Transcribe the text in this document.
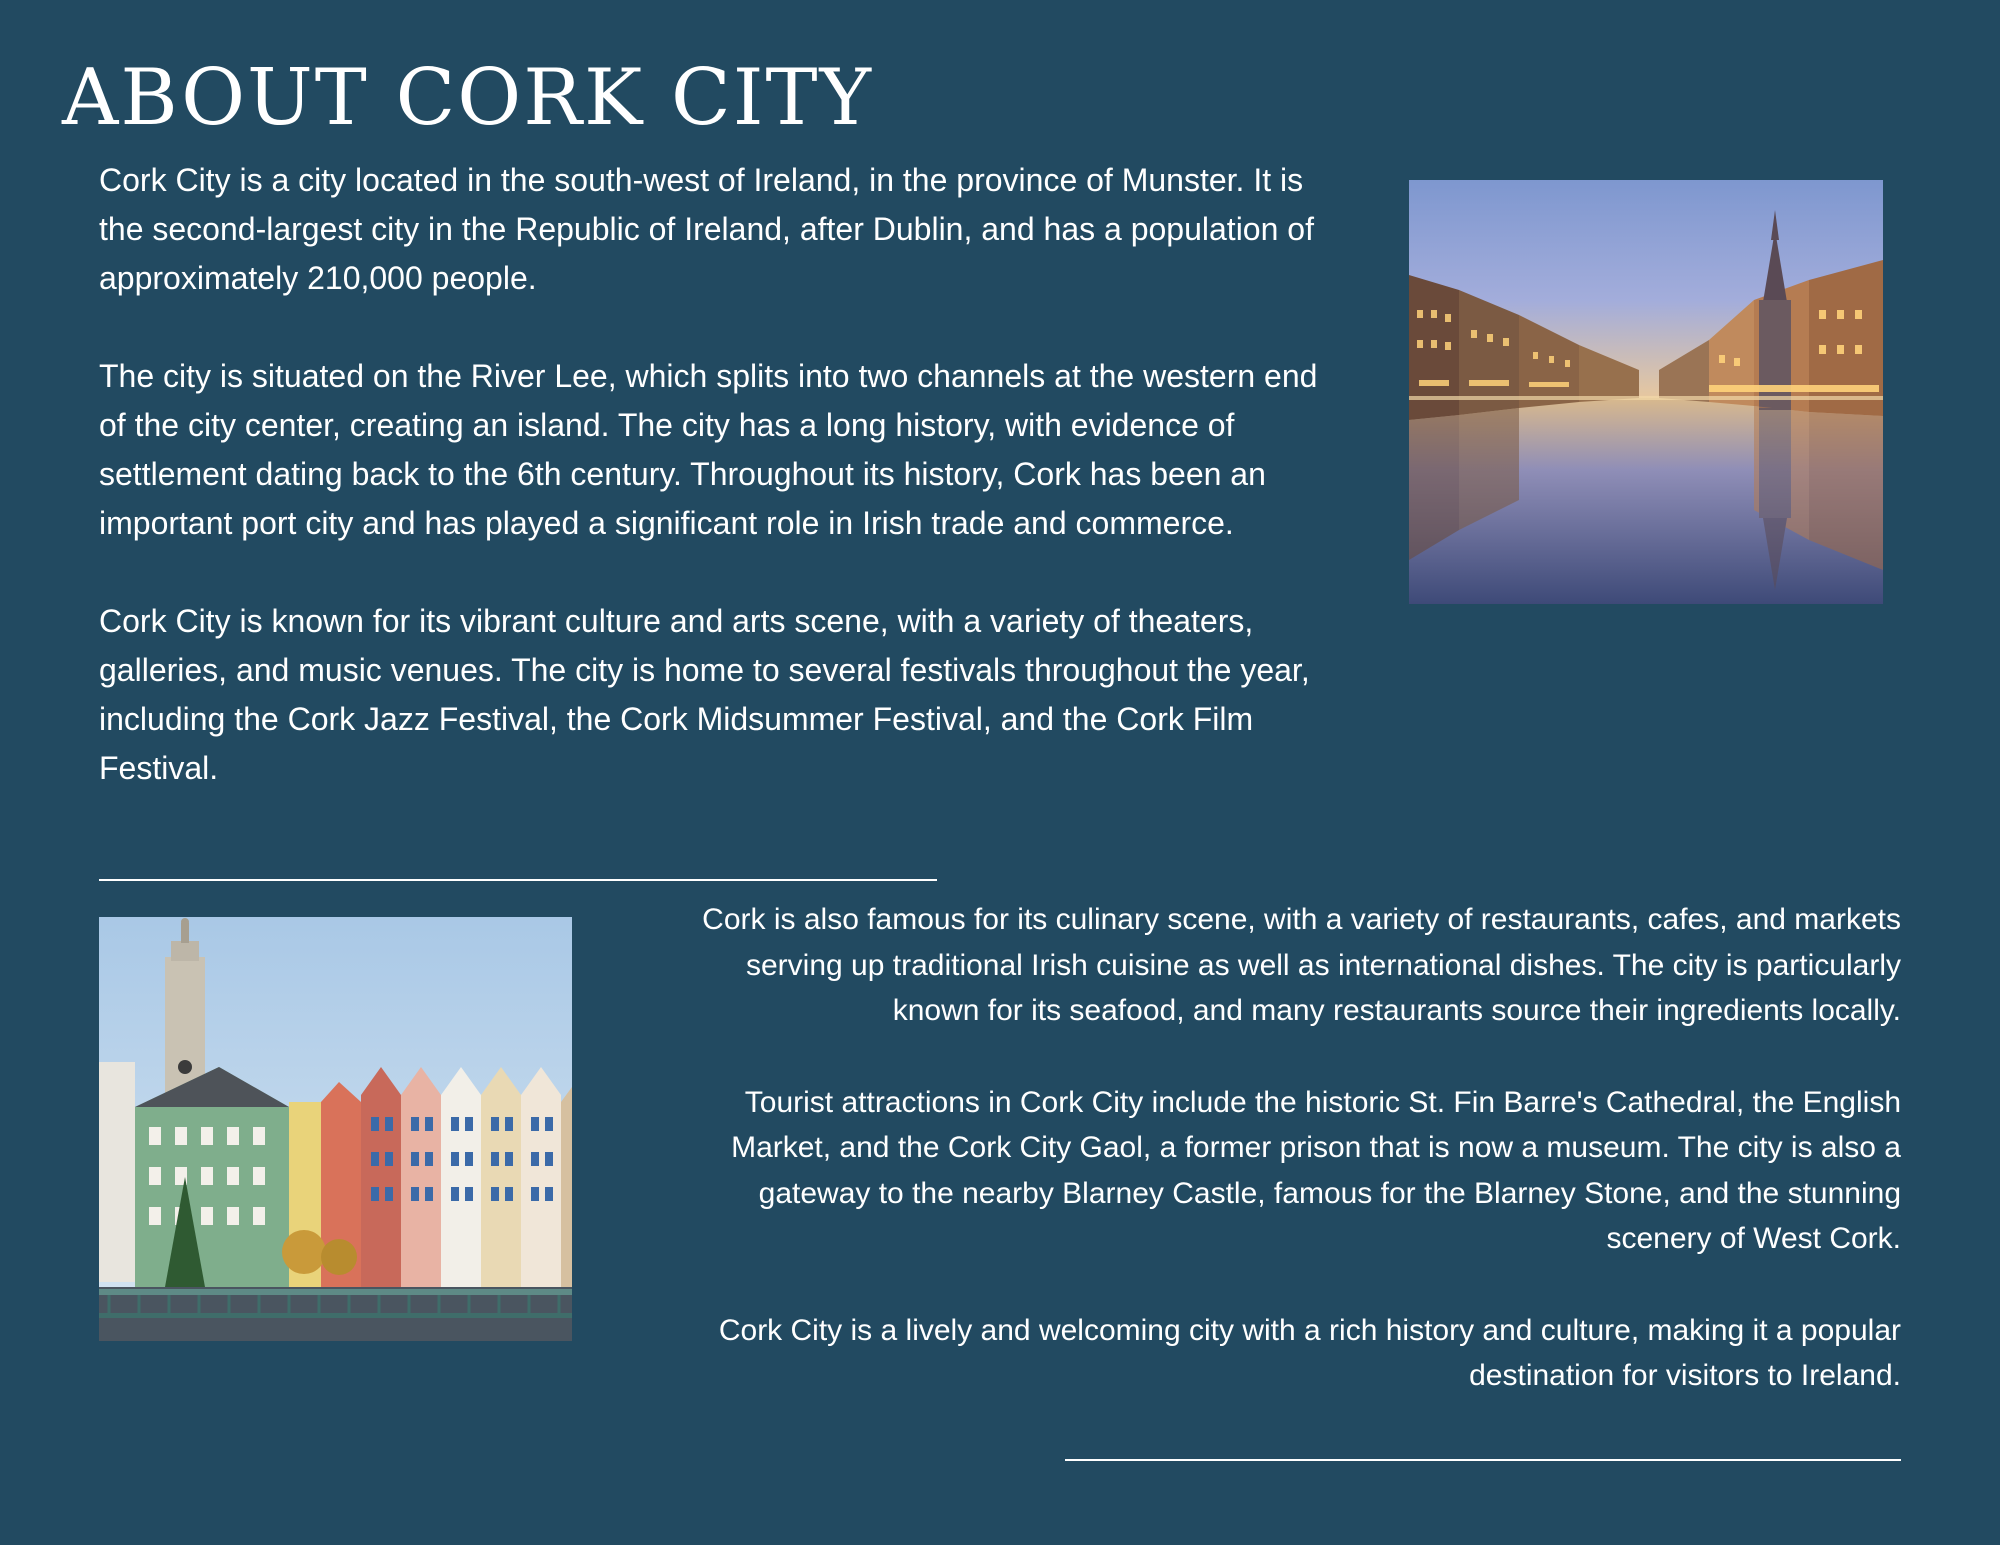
ABOUT CORK CITY

Cork City is a city located in the south-west of Ireland, in the province of Munster. It is the second-largest city in the Republic of Ireland, after Dublin, and has a population of approximately 210,000 people.

The city is situated on the River Lee, which splits into two channels at the western end of the city center, creating an island. The city has a long history, with evidence of settlement dating back to the 6th century. Throughout its history, Cork has been an important port city and has played a significant role in Irish trade and commerce.

Cork City is known for its vibrant culture and arts scene, with a variety of theaters, galleries, and music venues. The city is home to several festivals throughout the year, including the Cork Jazz Festival, the Cork Midsummer Festival, and the Cork Film Festival.

Cork is also famous for its culinary scene, with a variety of restaurants, cafes, and markets serving up traditional Irish cuisine as well as international dishes. The city is particularly known for its seafood, and many restaurants source their ingredients locally.

Tourist attractions in Cork City include the historic St. Fin Barre's Cathedral, the English Market, and the Cork City Gaol, a former prison that is now a museum. The city is also a gateway to the nearby Blarney Castle, famous for the Blarney Stone, and the stunning scenery of West Cork.

Cork City is a lively and welcoming city with a rich history and culture, making it a popular destination for visitors to Ireland.
